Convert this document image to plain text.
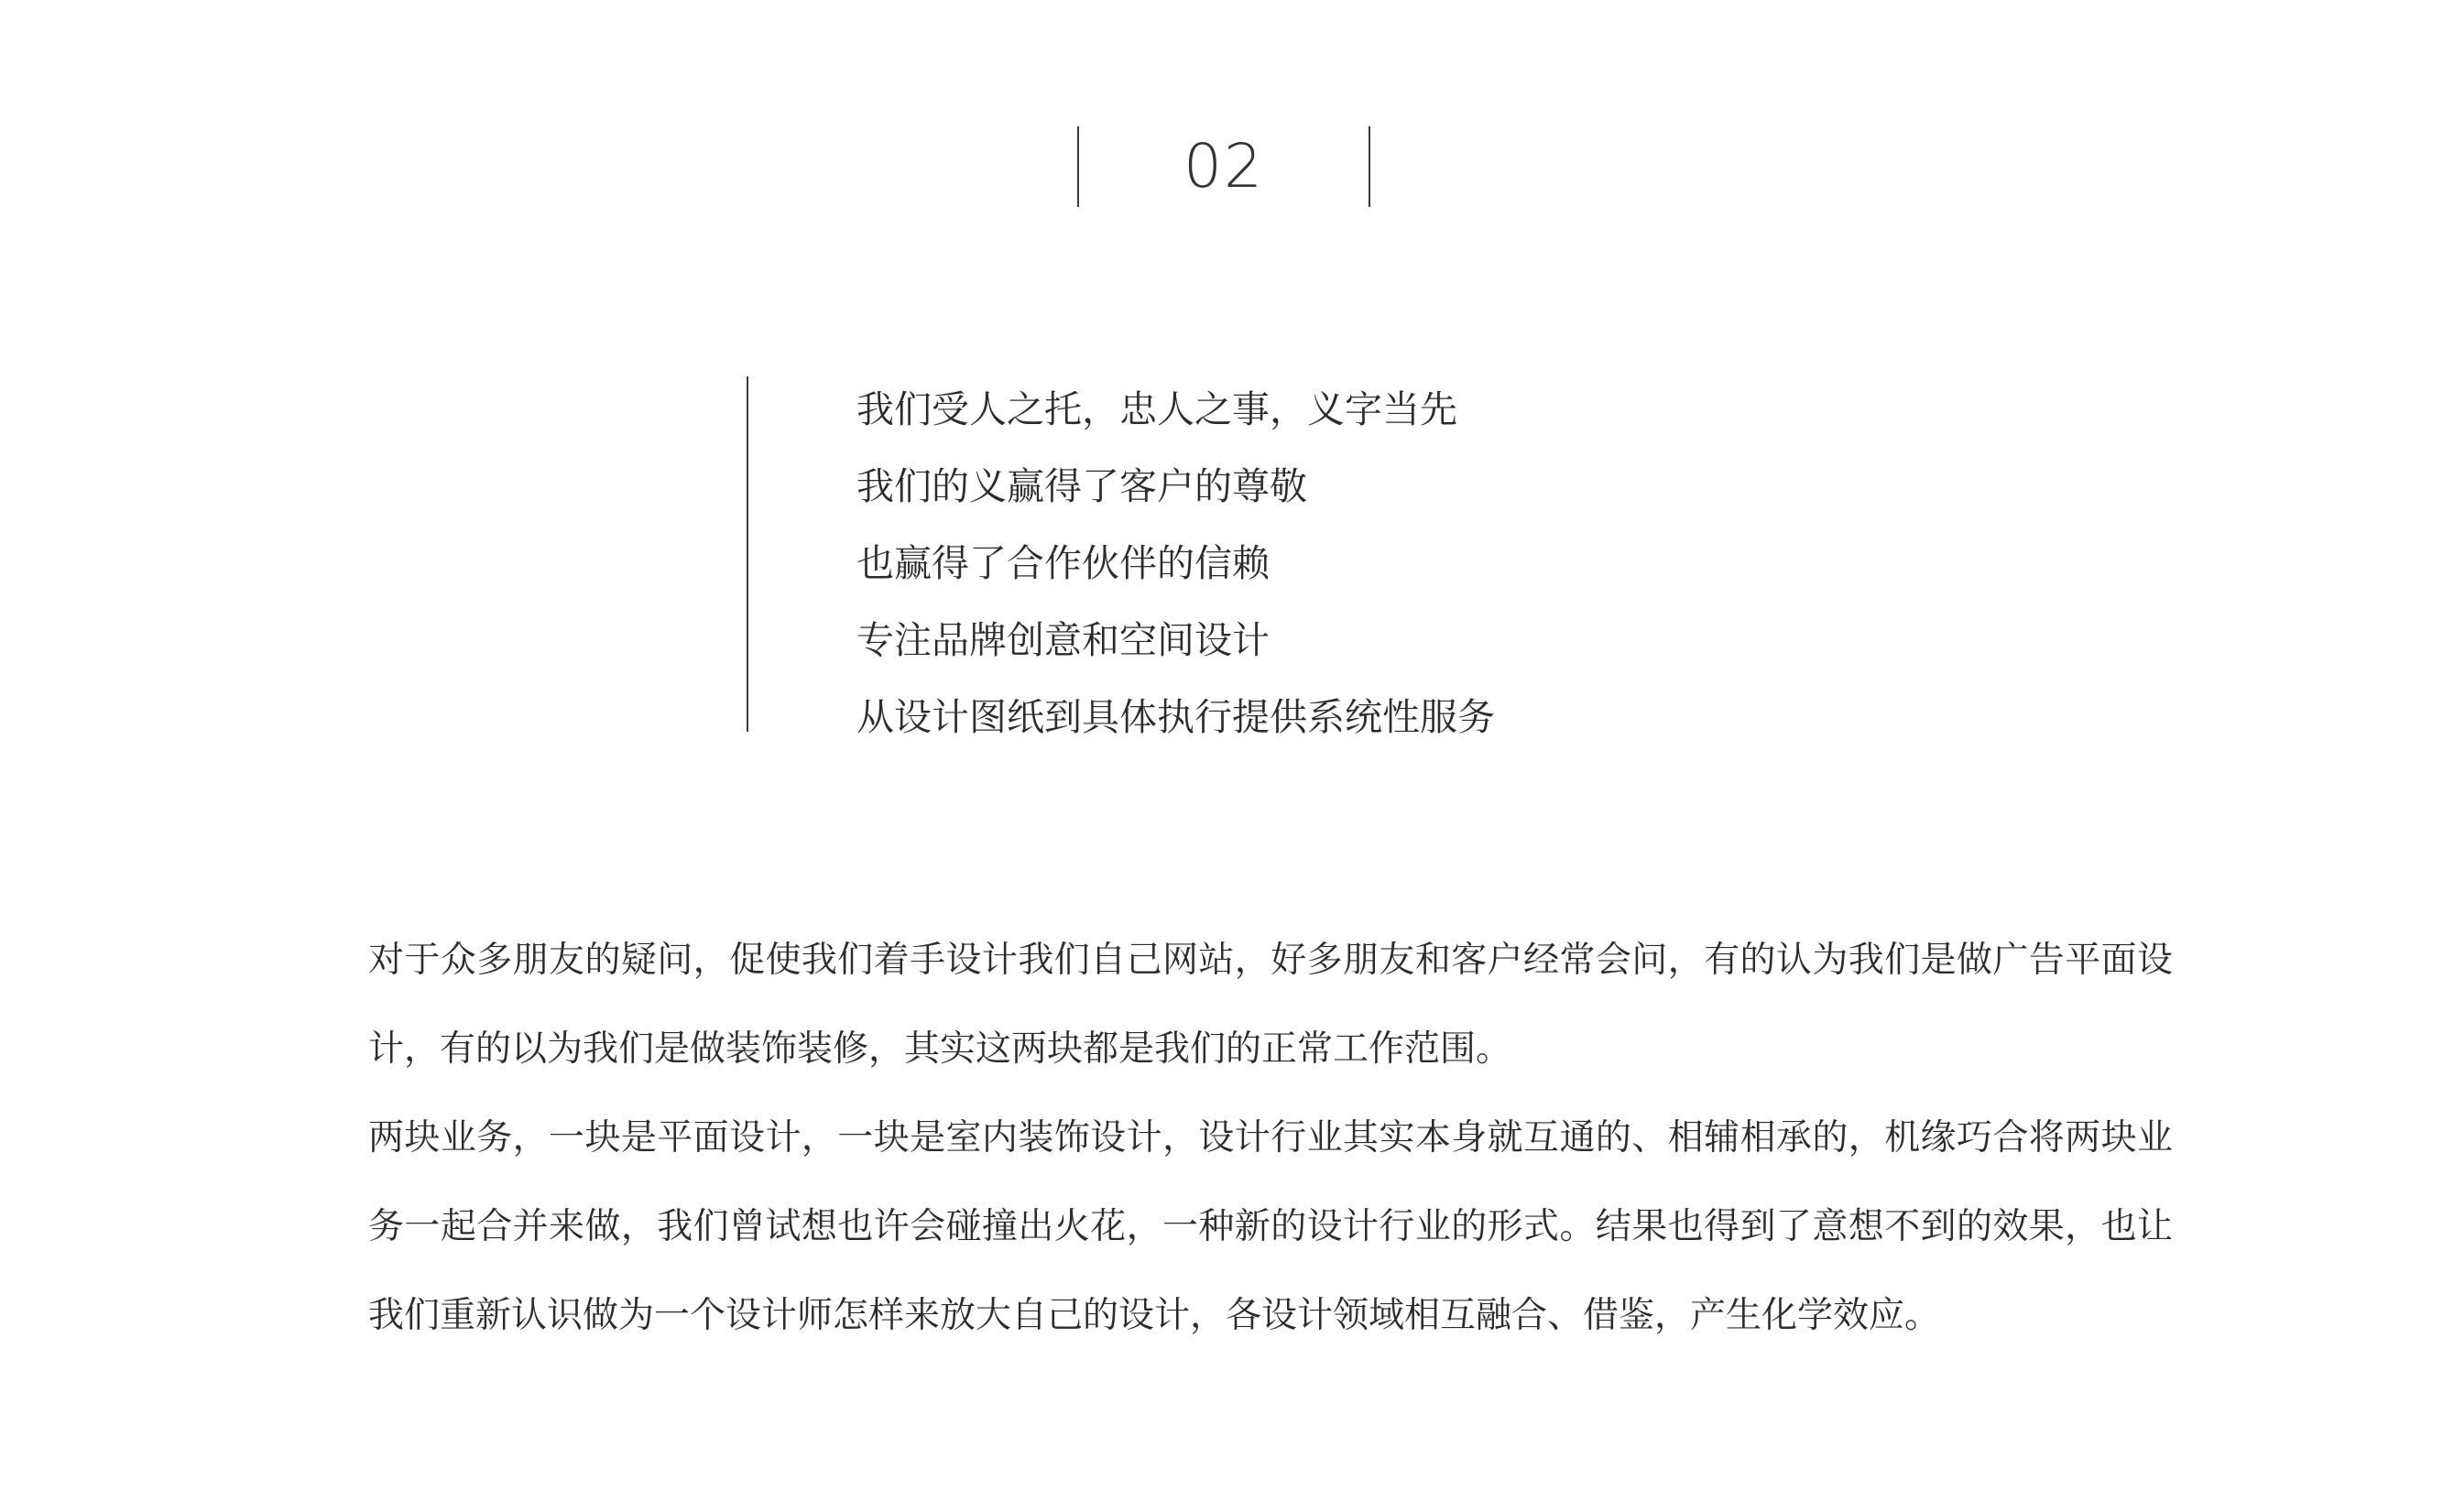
02
我们受人之托，忠人之事，义字当先
我们的义赢得了客户的尊敬
也赢得了合作伙伴的信赖
专注品牌创意和空间设计
从设计图纸到具体执行提供系统性服务

对于众多朋友的疑问，促使我们着手设计我们自己网站，好多朋友和客户经常会问，有的认为我们是做广告平面设计，有的以为我们是做装饰装修，其实这两块都是我们的正常工作范围。

两块业务，一块是平面设计，一块是室内装饰设计，设计行业其实本身就互通的、相辅相承的，机缘巧合将两块业务一起合并来做，我们曾试想也许会碰撞出火花，一种新的设计行业的形式。结果也得到了意想不到的效果，也让我们重新认识做为一个设计师怎样来放大自己的设计，各设计领域相互融合、借鉴，产生化学效应。
